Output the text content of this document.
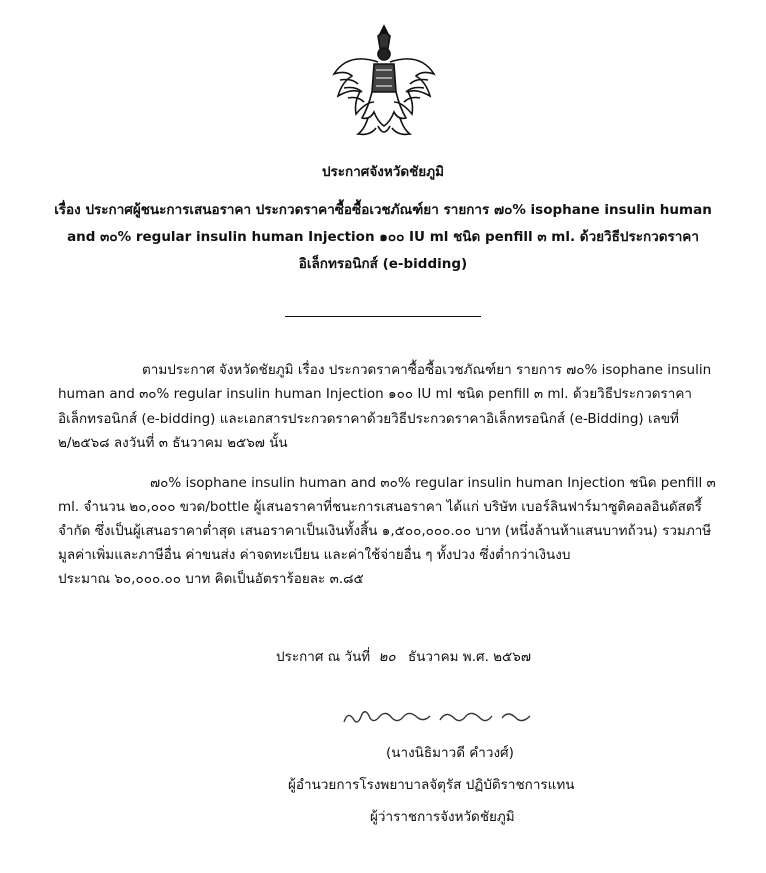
ประกาศจังหวัดชัยภูมิ
เรื่อง ประกาศผู้ชนะการเสนอราคา ประกวดราคาซื้อซื้อเวชภัณฑ์ยา รายการ ๗๐% isophane insulin human
and ๓๐% regular insulin human Injection ๑๐๐ IU ml ชนิด penfill ๓ ml. ด้วยวิธีประกวดราคา
อิเล็กทรอนิกส์ (e-bidding)
ตามประกาศ จังหวัดชัยภูมิ เรื่อง ประกวดราคาซื้อซื้อเวชภัณฑ์ยา รายการ ๗๐% isophane insulin
human and ๓๐% regular insulin human Injection ๑๐๐ IU ml ชนิด penfill ๓ ml. ด้วยวิธีประกวดราคา
อิเล็กทรอนิกส์ (e-bidding) และเอกสารประกวดราคาด้วยวิธีประกวดราคาอิเล็กทรอนิกส์ (e-Bidding) เลขที่
๒/๒๕๖๘ ลงวันที่ ๓ ธันวาคม ๒๕๖๗ นั้น
๗๐% isophane insulin human and ๓๐% regular insulin human Injection ชนิด penfill ๓
ml. จำนวน ๒๐,๐๐๐ ขวด/bottle ผู้เสนอราคาที่ชนะการเสนอราคา ได้แก่ บริษัท เบอร์ลินฟาร์มาซูติคอลอินดัสตรี้
จำกัด ซึ่งเป็นผู้เสนอราคาต่ำสุด เสนอราคาเป็นเงินทั้งสิ้น ๑,๕๐๐,๐๐๐.๐๐ บาท (หนึ่งล้านห้าแสนบาทถ้วน) รวมภาษี
มูลค่าเพิ่มและภาษีอื่น ค่าขนส่ง ค่าจดทะเบียน และค่าใช้จ่ายอื่น ๆ ทั้งปวง ซึ่งต่ำกว่าเงินงบ
ประมาณ ๖๐,๐๐๐.๐๐ บาท คิดเป็นอัตราร้อยละ ๓.๘๕
ประกาศ ณ วันที่ ๒๐ ธันวาคม พ.ศ. ๒๕๖๗
(นางนิธิมาวดี คำวงศ์)
ผู้อำนวยการโรงพยาบาลจัตุรัส ปฏิบัติราชการแทน
ผู้ว่าราชการจังหวัดชัยภูมิ
